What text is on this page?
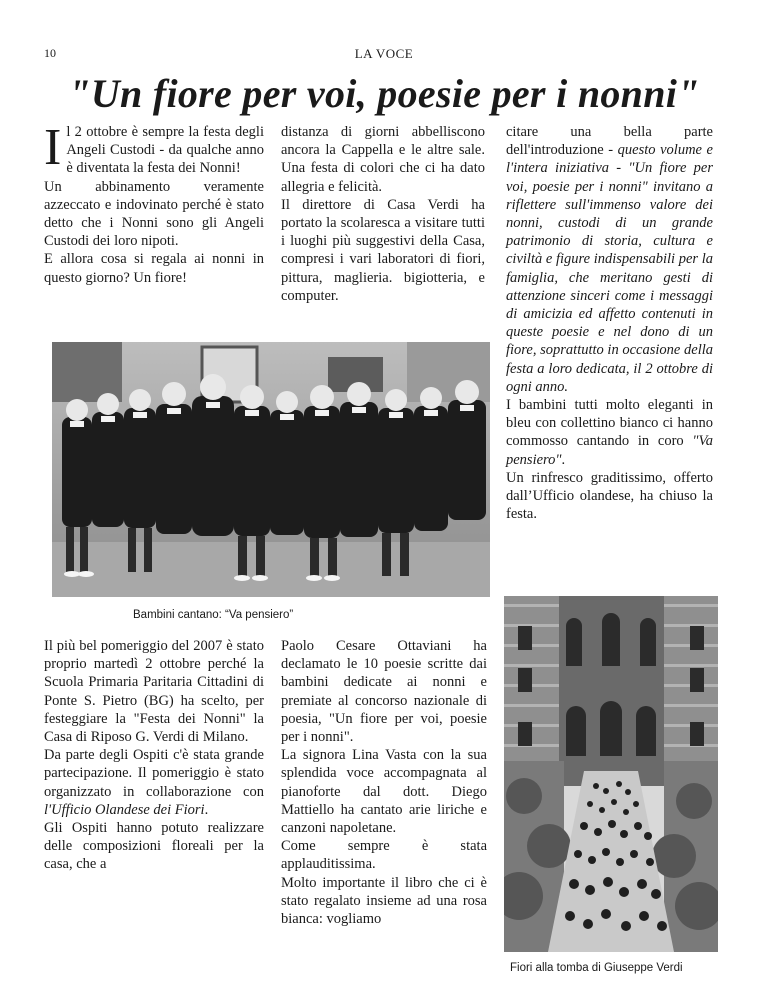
10	LA VOCE
"Un fiore per voi, poesie per i nonni"
I l 2 ottobre è sempre la festa degli Angeli Custodi - da qualche anno è diventata la festa dei Nonni!

Un abbinamento veramente azzeccato e indovinato perché è stato detto che i Nonni sono gli Angeli Custodi dei loro nipoti.

E allora cosa si regala ai nonni in questo giorno? Un fiore!

distanza di giorni abbelliscono ancora la Cappella e le altre sale. Una festa di colori che ci ha dato allegria e felicità.

Il direttore di Casa Verdi ha portato la scolaresca a visitare tutti i luoghi più suggestivi della Casa, compresi i vari laboratori di fiori, pittura, maglieria. bigiotteria, e computer.

citare una bella parte dell'introduzione - questo volume e l'intera iniziativa - "Un fiore per voi, poesie per i nonni" invitano a riflettere sull'immenso valore dei nonni, custodi di un grande patrimonio di storia, cultura e civiltà e figure indispensabili per la famiglia, che meritano gesti di attenzione sinceri come i messaggi di amicizia ed affetto contenuti in queste poesie e nel dono di un fiore, soprattutto in occasione della festa a loro dedicata, il 2 ottobre di ogni anno.

I bambini tutti molto eleganti in bleu con collettino bianco ci hanno commosso cantando in coro "Va pensiero".

Un rinfresco graditissimo, offerto dall’Ufficio olandese, ha chiuso la festa.

Bambini cantano: “Va pensiero”

Il più bel pomeriggio del 2007 è stato proprio martedì 2 ottobre perché la Scuola Primaria Paritaria Cittadini di Ponte S. Pietro (BG) ha scelto, per festeggiare la "Festa dei Nonni" la Casa di Riposo G. Verdi di Milano.

Da parte degli Ospiti c'è stata grande partecipazione. Il pomeriggio è stato organizzato in collaborazione con l'Ufficio Olandese dei Fiori.

Gli Ospiti hanno potuto realizzare delle composizioni floreali per la casa, che a

Paolo Cesare Ottaviani ha declamato le 10 poesie scritte dai bambini dedicate ai nonni e premiate al concorso nazionale di poesia, "Un fiore per voi, poesie per i nonni".

La signora Lina Vasta con la sua splendida voce accompagnata al pianoforte dal dott. Diego Mattiello ha cantato arie liriche e canzoni napoletane.

Come sempre è stata applauditissima.

Molto importante il libro che ci è stato regalato insieme ad una rosa bianca: vogliamo

Fiori alla tomba di Giuseppe Verdi
